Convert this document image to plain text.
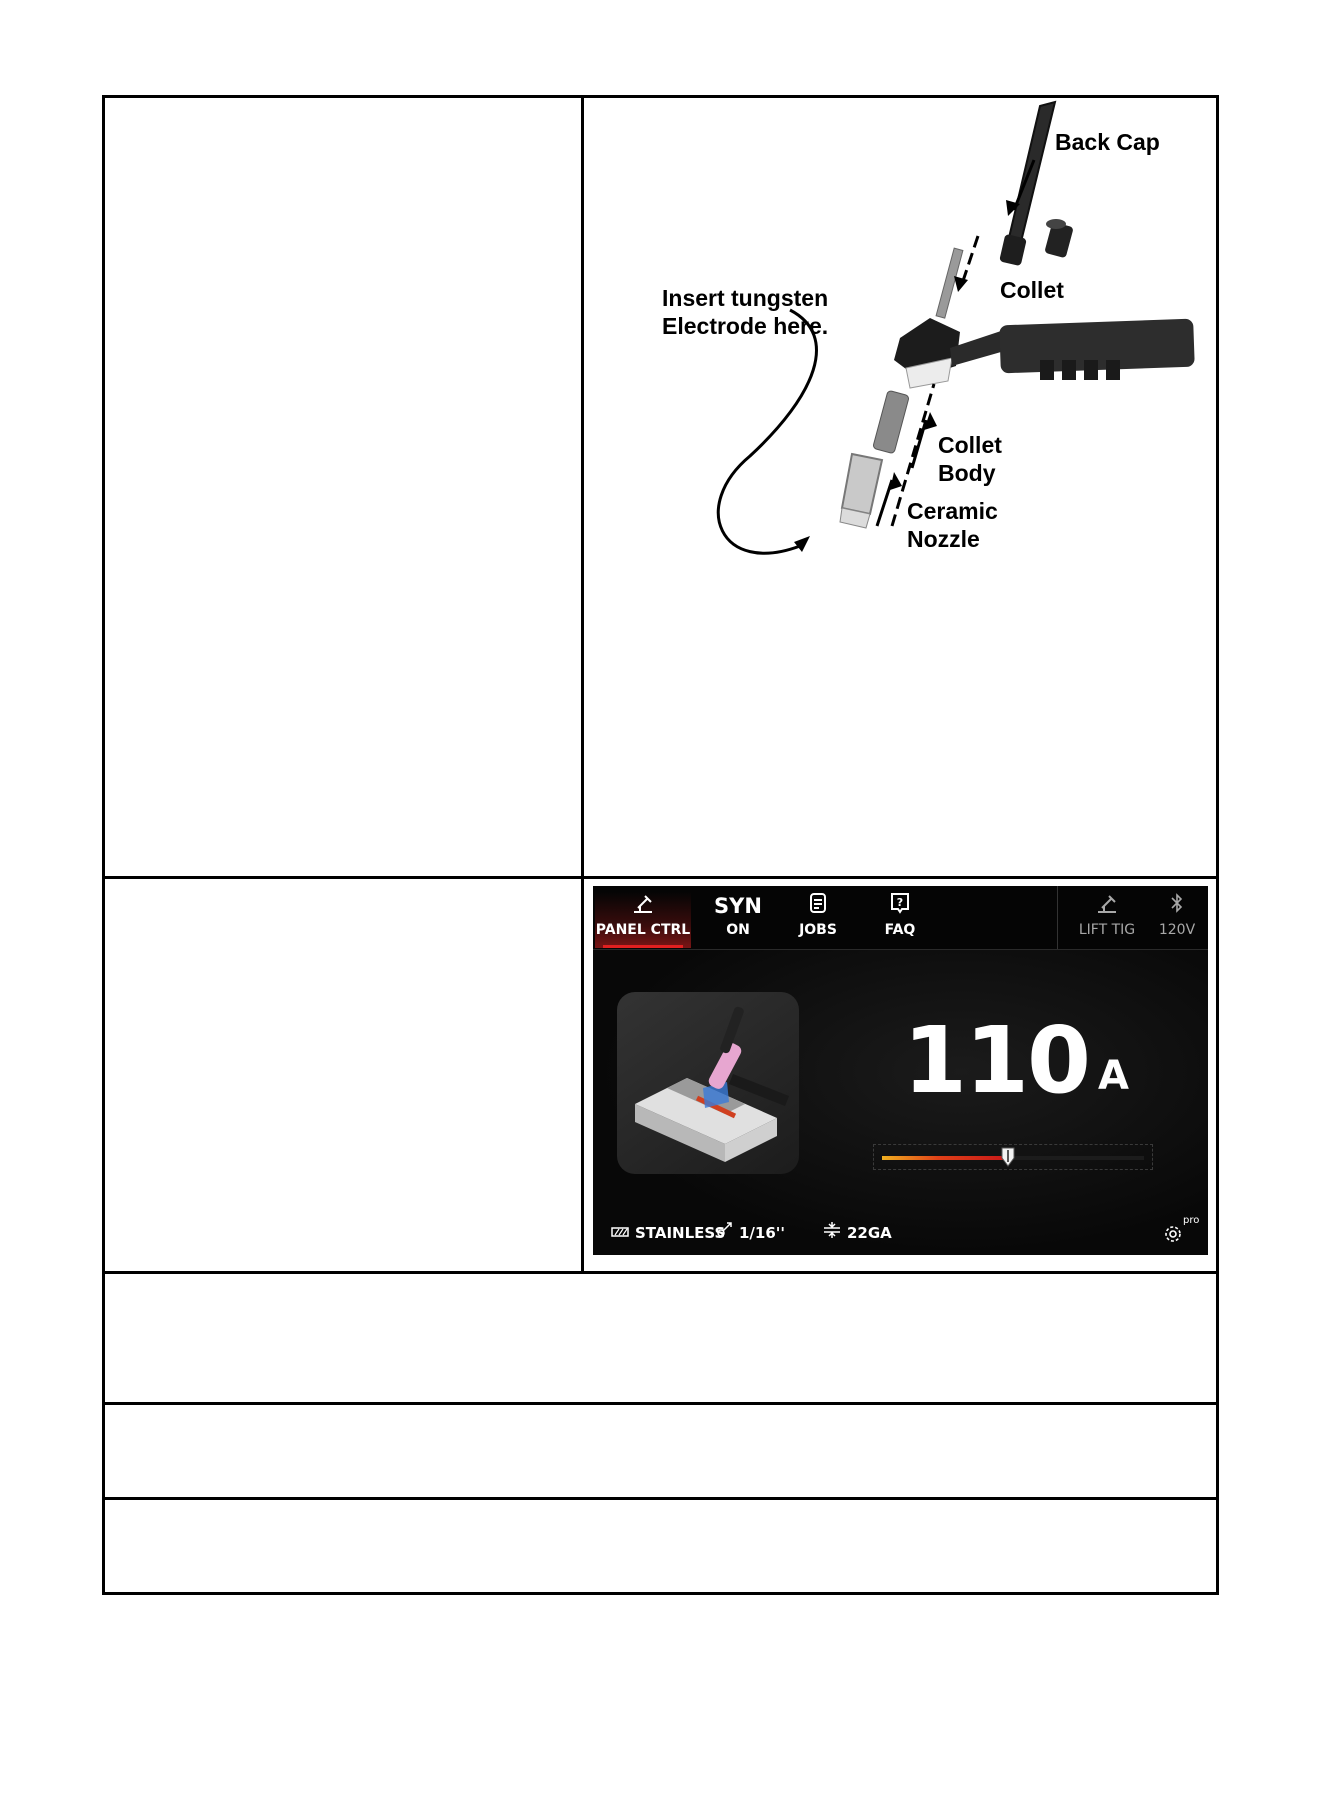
Back Cap
Collet
Insert tungsten
Electrode here.
Collet
Body
Ceramic
Nozzle
PANEL CTRL
SYN
ON	JOBS
?
FAQ	LIFT TIG	120V
110 A
STAINLESS 1/16''	22GA
pro
